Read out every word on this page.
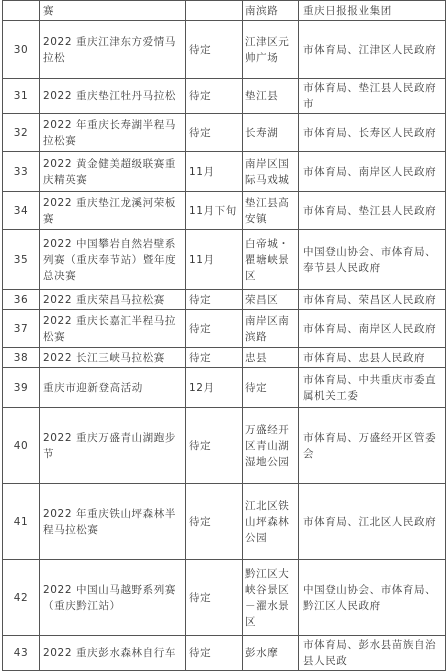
	赛		南滨路	重庆日报报业集团
30	2022 重庆江津东方爱情马拉松	待定	江津区元帅广场	市体育局、江津区人民政府
31	2022 重庆垫江牡丹马拉松	待定	垫江县	市体育局、垫江县人民政府市
32	2022 年重庆长寿湖半程马拉松赛	待定	长寿湖	市体育局、长寿区人民政府
33	2022 黄金健美超级联赛重庆精英赛	11月	南岸区国际马戏城	市体育局、南岸区人民政府
34	2022 重庆垫江龙溪河荣板赛	11月下旬	垫江县高安镇	市体育局、垫江县人民政府
35	2022 中国攀岩自然岩壁系列赛（重庆奉节站）暨年度总决赛	11月	白帝城・瞿塘峡景区	中国登山协会、市体育局、奉节县人民政府
36	2022 重庆荣昌马拉松赛	待定	荣昌区	市体育局、荣昌区人民政府
37	2022 重庆长嘉汇半程马拉松赛	待定	南岸区南滨路	市体育局、南岸区人民政府
38	2022 长江三峡马拉松赛	待定	忠县	市体育局、忠县人民政府
39	重庆市迎新登高活动	12月	待定	市体育局、中共重庆市委直属机关工委
40	2022 重庆万盛青山湖跑步节	待定	万盛经开区青山湖湿地公园	市体育局、万盛经开区管委会
41	2022 年重庆铁山坪森林半程马拉松赛	待定	江北区铁山坪森林公园	市体育局、江北区人民政府
42	2022 中国山马越野系列赛（重庆黔江站）	待定	黔江区大峡谷景区－濯水景区	中国登山协会、市体育局、黔江区人民政府
43	2022 重庆彭水森林自行车	待定	彭水摩	市体育局、彭水县苗族自治县人民政
